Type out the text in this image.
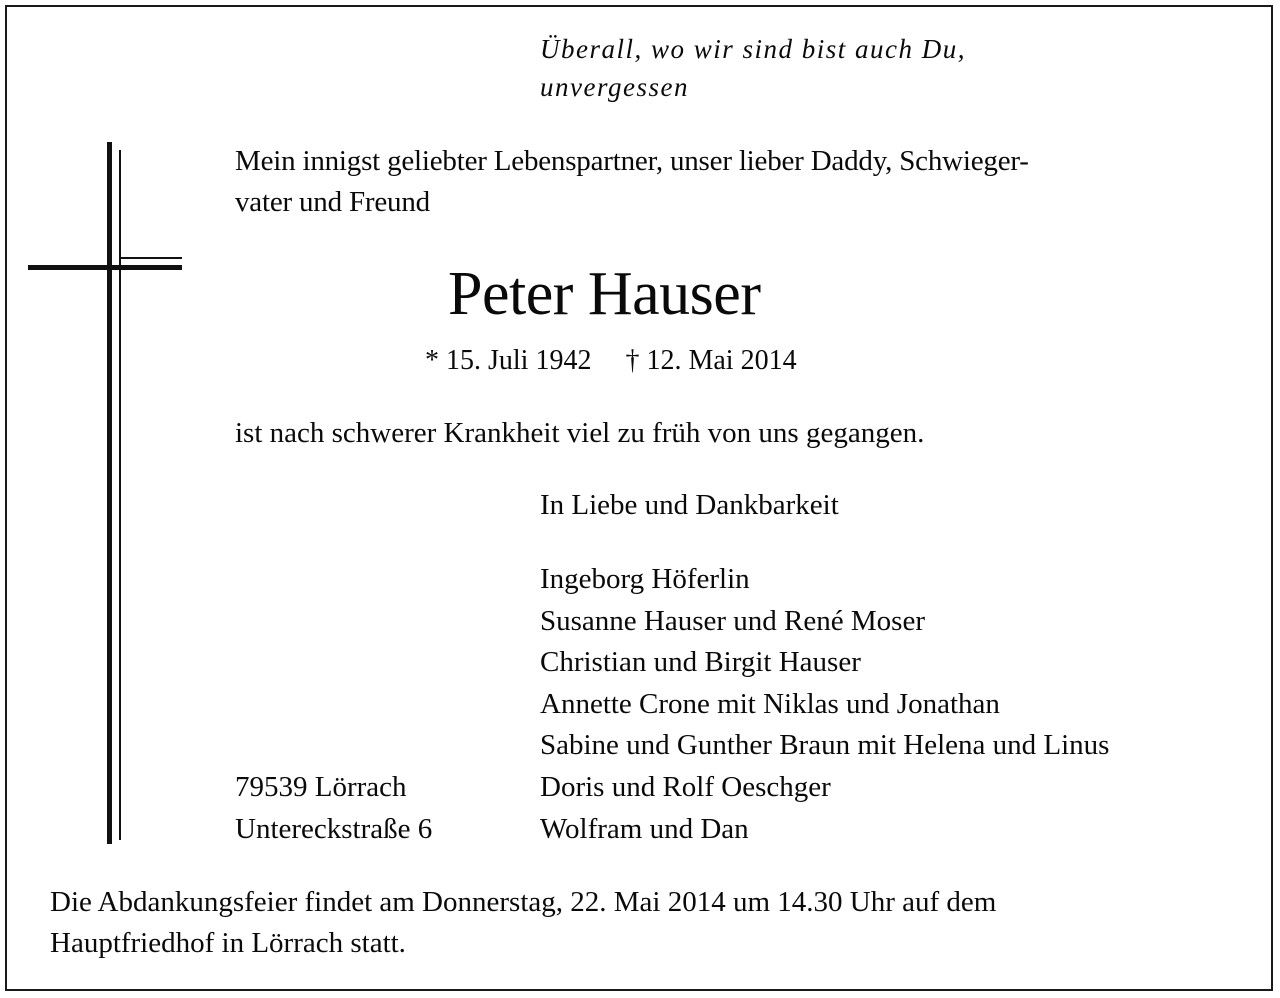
Überall, wo wir sind bist auch Du,
unvergessen
Mein innigst geliebter Lebenspartner, unser lieber Daddy, Schwieger-
vater und Freund
Peter Hauser
* 15. Juli 1942 † 12. Mai 2014
ist nach schwerer Krankheit viel zu früh von uns gegangen.
In Liebe und Dankbarkeit
Ingeborg Höferlin
Susanne Hauser und René Moser
Christian und Birgit Hauser
Annette Crone mit Niklas und Jonathan
Sabine und Gunther Braun mit Helena und Linus
Doris und Rolf Oeschger
Wolfram und Dan
79539 Lörrach
Untereckstraße 6
Die Abdankungsfeier findet am Donnerstag, 22. Mai 2014 um 14.30 Uhr auf dem
Hauptfriedhof in Lörrach statt.
